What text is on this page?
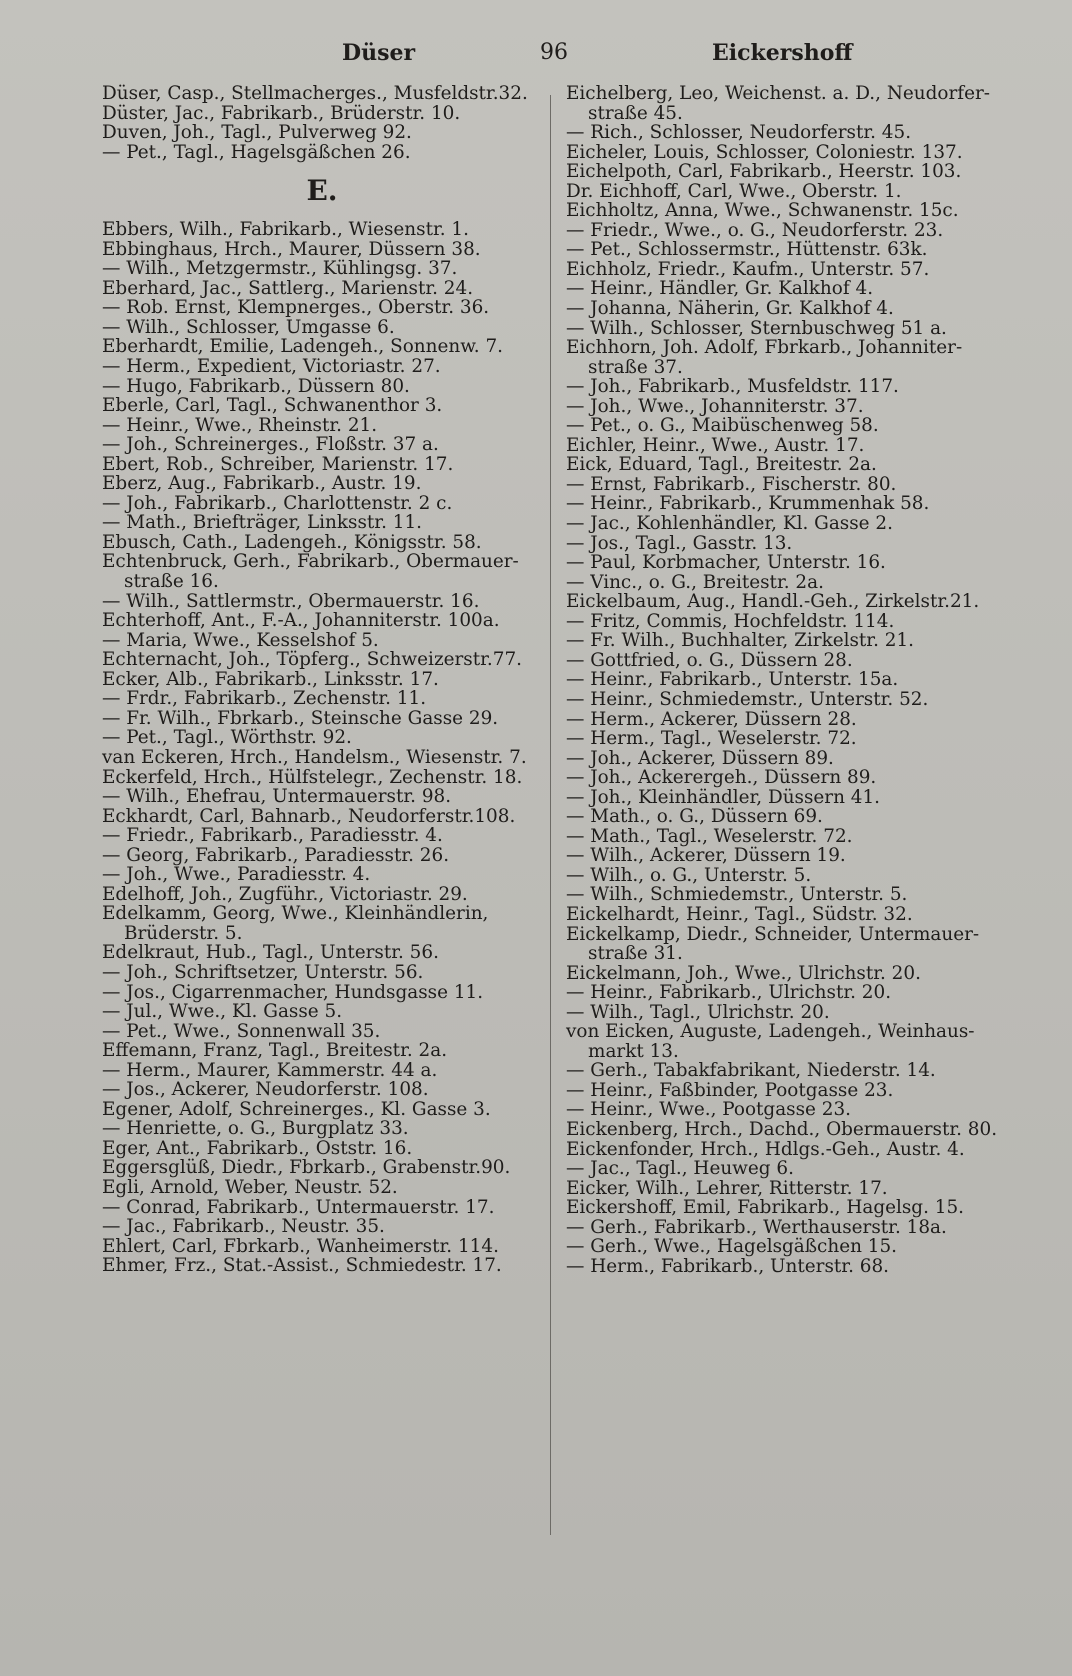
Düser	96	Eickershoff
Düser, Casp., Stellmacherges., Musfeldstr.32.
Düster, Jac., Fabrikarb., Brüderstr. 10.
Duven, Joh., Tagl., Pulverweg 92.
— Pet., Tagl., Hagelsgäßchen 26.
E.
Ebbers, Wilh., Fabrikarb., Wiesenstr. 1.
Ebbinghaus, Hrch., Maurer, Düssern 38.
— Wilh., Metzgermstr., Kühlingsg. 37.
Eberhard, Jac., Sattlerg., Marienstr. 24.
— Rob. Ernst, Klempnerges., Oberstr. 36.
— Wilh., Schlosser, Umgasse 6.
Eberhardt, Emilie, Ladengeh., Sonnenw. 7.
— Herm., Expedient, Victoriastr. 27.
— Hugo, Fabrikarb., Düssern 80.
Eberle, Carl, Tagl., Schwanenthor 3.
— Heinr., Wwe., Rheinstr. 21.
— Joh., Schreinerges., Floßstr. 37 a.
Ebert, Rob., Schreiber, Marienstr. 17.
Eberz, Aug., Fabrikarb., Austr. 19.
— Joh., Fabrikarb., Charlottenstr. 2 c.
— Math., Briefträger, Linksstr. 11.
Ebusch, Cath., Ladengeh., Königsstr. 58.
Echtenbruck, Gerh., Fabrikarb., Obermauer-
straße 16.
— Wilh., Sattlermstr., Obermauerstr. 16.
Echterhoff, Ant., F.-A., Johanniterstr. 100a.
— Maria, Wwe., Kesselshof 5.
Echternacht, Joh., Töpferg., Schweizerstr.77.
Ecker, Alb., Fabrikarb., Linksstr. 17.
— Frdr., Fabrikarb., Zechenstr. 11.
— Fr. Wilh., Fbrkarb., Steinsche Gasse 29.
— Pet., Tagl., Wörthstr. 92.
van Eckeren, Hrch., Handelsm., Wiesenstr. 7.
Eckerfeld, Hrch., Hülfstelegr., Zechenstr. 18.
— Wilh., Ehefrau, Untermauerstr. 98.
Eckhardt, Carl, Bahnarb., Neudorferstr.108.
— Friedr., Fabrikarb., Paradiesstr. 4.
— Georg, Fabrikarb., Paradiesstr. 26.
— Joh., Wwe., Paradiesstr. 4.
Edelhoff, Joh., Zugführ., Victoriastr. 29.
Edelkamm, Georg, Wwe., Kleinhändlerin,
Brüderstr. 5.
Edelkraut, Hub., Tagl., Unterstr. 56.
— Joh., Schriftsetzer, Unterstr. 56.
— Jos., Cigarrenmacher, Hundsgasse 11.
— Jul., Wwe., Kl. Gasse 5.
— Pet., Wwe., Sonnenwall 35.
Effemann, Franz, Tagl., Breitestr. 2a.
— Herm., Maurer, Kammerstr. 44 a.
— Jos., Ackerer, Neudorferstr. 108.
Egener, Adolf, Schreinerges., Kl. Gasse 3.
— Henriette, o. G., Burgplatz 33.
Eger, Ant., Fabrikarb., Oststr. 16.
Eggersglüß, Diedr., Fbrkarb., Grabenstr.90.
Egli, Arnold, Weber, Neustr. 52.
— Conrad, Fabrikarb., Untermauerstr. 17.
— Jac., Fabrikarb., Neustr. 35.
Ehlert, Carl, Fbrkarb., Wanheimerstr. 114.
Ehmer, Frz., Stat.-Assist., Schmiedestr. 17.
Eichelberg, Leo, Weichenst. a. D., Neudorfer-
straße 45.
— Rich., Schlosser, Neudorferstr. 45.
Eicheler, Louis, Schlosser, Coloniestr. 137.
Eichelpoth, Carl, Fabrikarb., Heerstr. 103.
Dr. Eichhoff, Carl, Wwe., Oberstr. 1.
Eichholtz, Anna, Wwe., Schwanenstr. 15c.
— Friedr., Wwe., o. G., Neudorferstr. 23.
— Pet., Schlossermstr., Hüttenstr. 63k.
Eichholz, Friedr., Kaufm., Unterstr. 57.
— Heinr., Händler, Gr. Kalkhof 4.
— Johanna, Näherin, Gr. Kalkhof 4.
— Wilh., Schlosser, Sternbuschweg 51 a.
Eichhorn, Joh. Adolf, Fbrkarb., Johanniter-
straße 37.
— Joh., Fabrikarb., Musfeldstr. 117.
— Joh., Wwe., Johanniterstr. 37.
— Pet., o. G., Maibüschenweg 58.
Eichler, Heinr., Wwe., Austr. 17.
Eick, Eduard, Tagl., Breitestr. 2a.
— Ernst, Fabrikarb., Fischerstr. 80.
— Heinr., Fabrikarb., Krummenhak 58.
— Jac., Kohlenhändler, Kl. Gasse 2.
— Jos., Tagl., Gasstr. 13.
— Paul, Korbmacher, Unterstr. 16.
— Vinc., o. G., Breitestr. 2a.
Eickelbaum, Aug., Handl.-Geh., Zirkelstr.21.
— Fritz, Commis, Hochfeldstr. 114.
— Fr. Wilh., Buchhalter, Zirkelstr. 21.
— Gottfried, o. G., Düssern 28.
— Heinr., Fabrikarb., Unterstr. 15a.
— Heinr., Schmiedemstr., Unterstr. 52.
— Herm., Ackerer, Düssern 28.
— Herm., Tagl., Weselerstr. 72.
— Joh., Ackerer, Düssern 89.
— Joh., Ackerergeh., Düssern 89.
— Joh., Kleinhändler, Düssern 41.
— Math., o. G., Düssern 69.
— Math., Tagl., Weselerstr. 72.
— Wilh., Ackerer, Düssern 19.
— Wilh., o. G., Unterstr. 5.
— Wilh., Schmiedemstr., Unterstr. 5.
Eickelhardt, Heinr., Tagl., Südstr. 32.
Eickelkamp, Diedr., Schneider, Untermauer-
straße 31.
Eickelmann, Joh., Wwe., Ulrichstr. 20.
— Heinr., Fabrikarb., Ulrichstr. 20.
— Wilh., Tagl., Ulrichstr. 20.
von Eicken, Auguste, Ladengeh., Weinhaus-
markt 13.
— Gerh., Tabakfabrikant, Niederstr. 14.
— Heinr., Faßbinder, Pootgasse 23.
— Heinr., Wwe., Pootgasse 23.
Eickenberg, Hrch., Dachd., Obermauerstr. 80.
Eickenfonder, Hrch., Hdlgs.-Geh., Austr. 4.
— Jac., Tagl., Heuweg 6.
Eicker, Wilh., Lehrer, Ritterstr. 17.
Eickershoff, Emil, Fabrikarb., Hagelsg. 15.
— Gerh., Fabrikarb., Werthauserstr. 18a.
— Gerh., Wwe., Hagelsgäßchen 15.
— Herm., Fabrikarb., Unterstr. 68.
